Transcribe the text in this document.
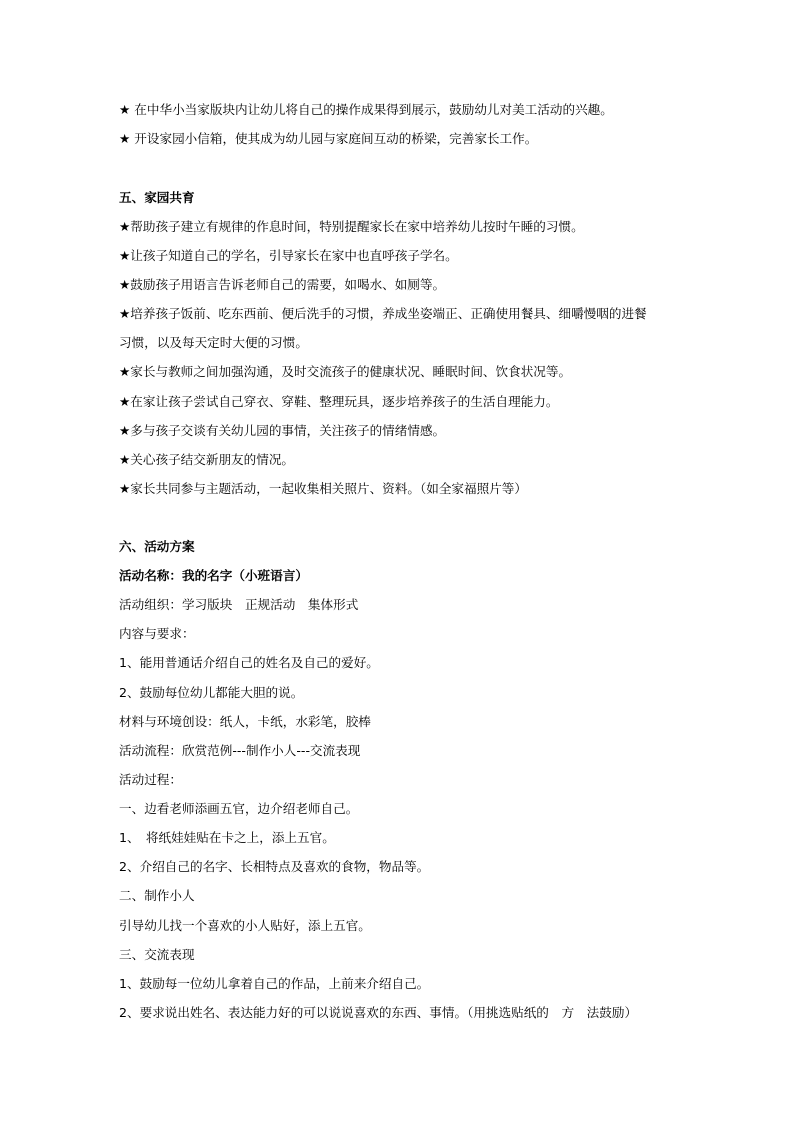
★ 在中华小当家版块内让幼儿将自己的操作成果得到展示，鼓励幼儿对美工活动的兴趣。
★ 开设家园小信箱，使其成为幼儿园与家庭间互动的桥梁，完善家长工作。
五、家园共育
★帮助孩子建立有规律的作息时间，特别提醒家长在家中培养幼儿按时午睡的习惯。
★让孩子知道自己的学名，引导家长在家中也直呼孩子学名。
★鼓励孩子用语言告诉老师自己的需要，如喝水、如厕等。
★培养孩子饭前、吃东西前、便后洗手的习惯，养成坐姿端正、正确使用餐具、细嚼慢咽的进餐
习惯，以及每天定时大便的习惯。
★家长与教师之间加强沟通，及时交流孩子的健康状况、睡眠时间、饮食状况等。
★在家让孩子尝试自己穿衣、穿鞋、整理玩具，逐步培养孩子的生活自理能力。
★多与孩子交谈有关幼儿园的事情，关注孩子的情绪情感。
★关心孩子结交新朋友的情况。
★家长共同参与主题活动，一起收集相关照片、资料。（如全家福照片等）
六、活动方案
活动名称：我的名字（小班语言）
活动组织：学习版块　正规活动　集体形式
内容与要求：
1、能用普通话介绍自己的姓名及自己的爱好。
2、鼓励每位幼儿都能大胆的说。
材料与环境创设：纸人，卡纸，水彩笔，胶棒
活动流程：欣赏范例---制作小人---交流表现
活动过程：
一、边看老师添画五官，边介绍老师自己。
1、　将纸娃娃贴在卡之上，添上五官。
2、介绍自己的名字、长相特点及喜欢的食物，物品等。
二、制作小人
引导幼儿找一个喜欢的小人贴好，添上五官。
三、交流表现
1、鼓励每一位幼儿拿着自己的作品，上前来介绍自己。
2、要求说出姓名、表达能力好的可以说说喜欢的东西、事情。（用挑选贴纸的　方　法鼓励）
